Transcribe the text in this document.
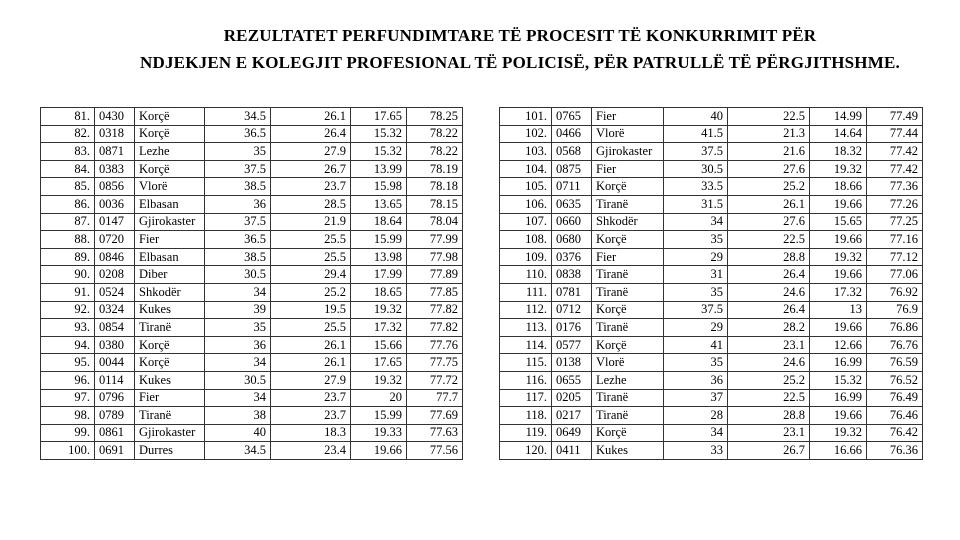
REZULTATET PERFUNDIMTARE TË PROCESIT TË KONKURRIMIT PËR
NDJEKJEN E KOLEGJIT PROFESIONAL TË POLICISË, PËR PATRULLË TË PËRGJITHSHME.
81.	0430	Korçë	34.5	26.1	17.65	78.25
82.	0318	Korçë	36.5	26.4	15.32	78.22
83.	0871	Lezhe	35	27.9	15.32	78.22
84.	0383	Korçë	37.5	26.7	13.99	78.19
85.	0856	Vlorë	38.5	23.7	15.98	78.18
86.	0036	Elbasan	36	28.5	13.65	78.15
87.	0147	Gjirokaster	37.5	21.9	18.64	78.04
88.	0720	Fier	36.5	25.5	15.99	77.99
89.	0846	Elbasan	38.5	25.5	13.98	77.98
90.	0208	Diber	30.5	29.4	17.99	77.89
91.	0524	Shkodër	34	25.2	18.65	77.85
92.	0324	Kukes	39	19.5	19.32	77.82
93.	0854	Tiranë	35	25.5	17.32	77.82
94.	0380	Korçë	36	26.1	15.66	77.76
95.	0044	Korçë	34	26.1	17.65	77.75
96.	0114	Kukes	30.5	27.9	19.32	77.72
97.	0796	Fier	34	23.7	20	77.7
98.	0789	Tiranë	38	23.7	15.99	77.69
99.	0861	Gjirokaster	40	18.3	19.33	77.63
100.	0691	Durres	34.5	23.4	19.66	77.56
101.	0765	Fier	40	22.5	14.99	77.49
102.	0466	Vlorë	41.5	21.3	14.64	77.44
103.	0568	Gjirokaster	37.5	21.6	18.32	77.42
104.	0875	Fier	30.5	27.6	19.32	77.42
105.	0711	Korçë	33.5	25.2	18.66	77.36
106.	0635	Tiranë	31.5	26.1	19.66	77.26
107.	0660	Shkodër	34	27.6	15.65	77.25
108.	0680	Korçë	35	22.5	19.66	77.16
109.	0376	Fier	29	28.8	19.32	77.12
110.	0838	Tiranë	31	26.4	19.66	77.06
111.	0781	Tiranë	35	24.6	17.32	76.92
112.	0712	Korçë	37.5	26.4	13	76.9
113.	0176	Tiranë	29	28.2	19.66	76.86
114.	0577	Korçë	41	23.1	12.66	76.76
115.	0138	Vlorë	35	24.6	16.99	76.59
116.	0655	Lezhe	36	25.2	15.32	76.52
117.	0205	Tiranë	37	22.5	16.99	76.49
118.	0217	Tiranë	28	28.8	19.66	76.46
119.	0649	Korçë	34	23.1	19.32	76.42
120.	0411	Kukes	33	26.7	16.66	76.36
